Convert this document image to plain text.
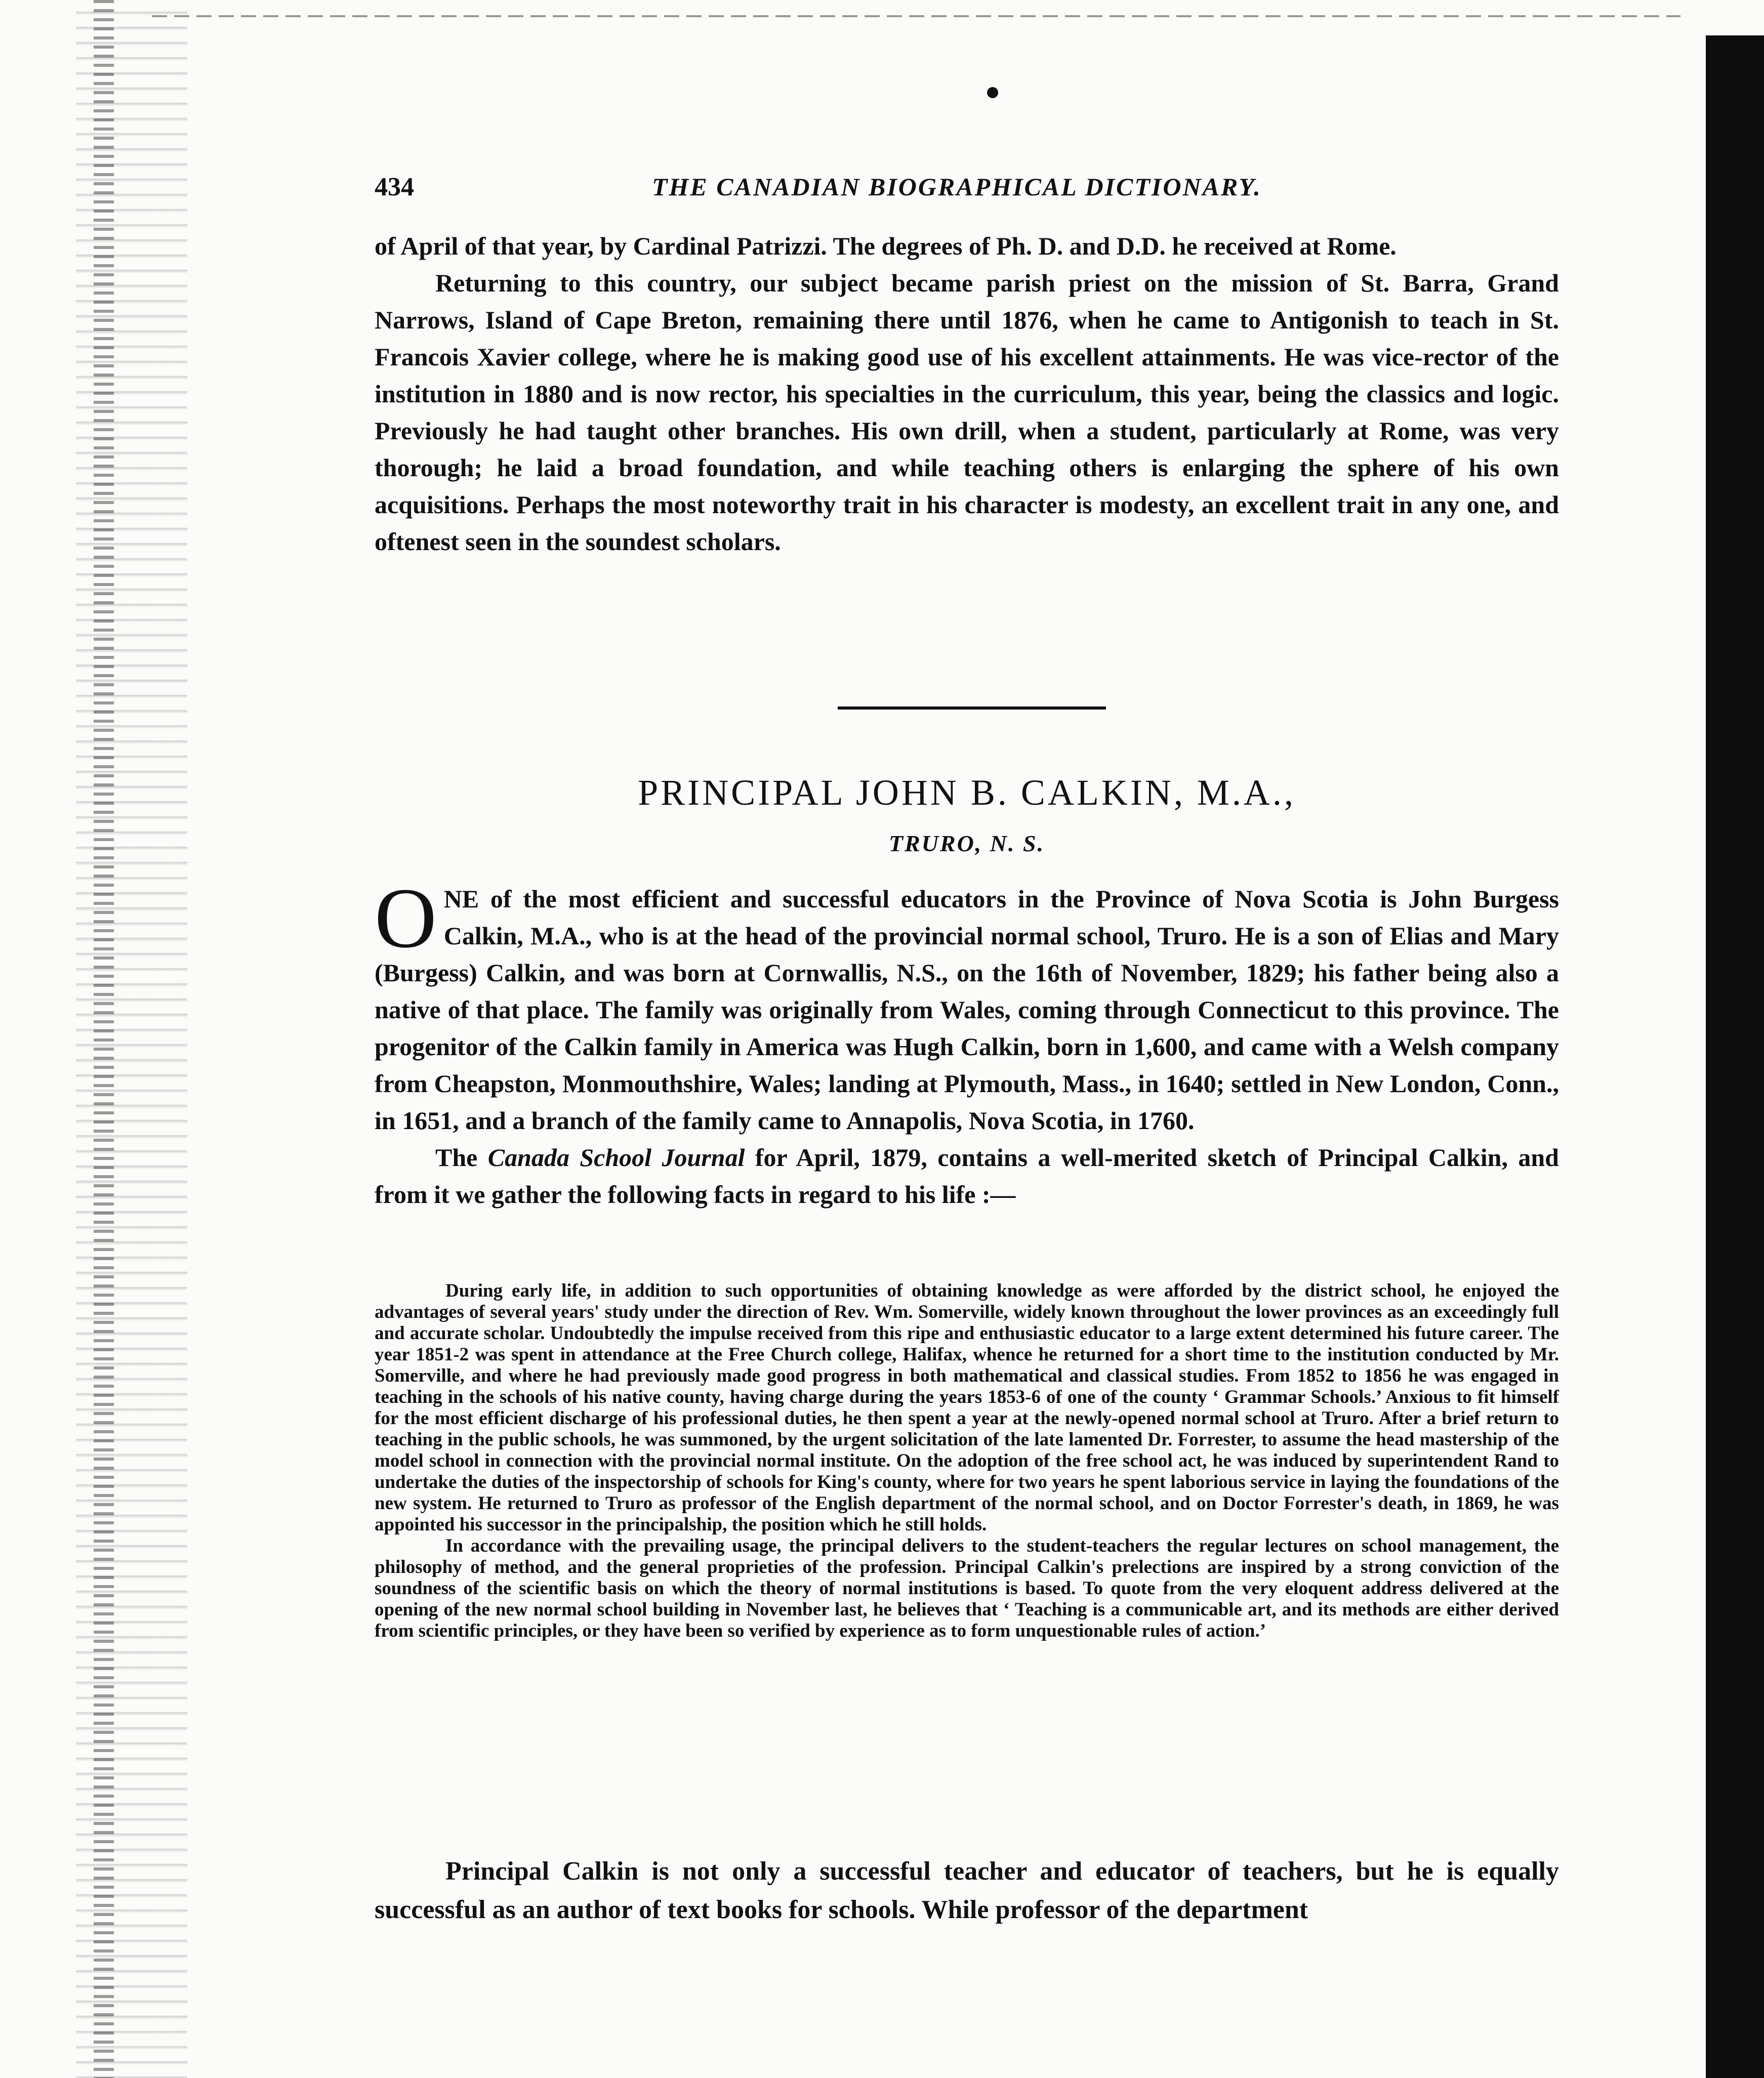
434	THE CANADIAN BIOGRAPHICAL DICTIONARY.

of April of that year, by Cardinal Patrizzi. The degrees of Ph. D. and D.D. he received at Rome.

Returning to this country, our subject became parish priest on the mission of St. Barra, Grand Narrows, Island of Cape Breton, remaining there until 1876, when he came to Antigonish to teach in St. Francois Xavier college, where he is making good use of his excellent attainments. He was vice-rector of the institution in 1880 and is now rector, his specialties in the curriculum, this year, being the classics and logic. Previously he had taught other branches. His own drill, when a student, particularly at Rome, was very thorough; he laid a broad foundation, and while teaching others is enlarging the sphere of his own acquisitions. Perhaps the most noteworthy trait in his character is modesty, an excellent trait in any one, and oftenest seen in the soundest scholars.

PRINCIPAL JOHN B. CALKIN, M.A.,
TRURO, N. S.
O NE of the most efficient and successful educators in the Province of Nova Scotia is John Burgess Calkin, M.A., who is at the head of the provincial normal school, Truro. He is a son of Elias and Mary (Burgess) Calkin, and was born at Cornwallis, N.S., on the 16th of November, 1829; his father being also a native of that place. The family was originally from Wales, coming through Connecticut to this province. The progenitor of the Calkin family in America was Hugh Calkin, born in 1,600, and came with a Welsh company from Cheapston, Monmouthshire, Wales; landing at Plymouth, Mass., in 1640; settled in New London, Conn., in 1651, and a branch of the family came to Annapolis, Nova Scotia, in 1760.

The Canada School Journal for April, 1879, contains a well-merited sketch of Principal Calkin, and from it we gather the following facts in regard to his life :—

During early life, in addition to such opportunities of obtaining knowledge as were afforded by the district school, he enjoyed the advantages of several years' study under the direction of Rev. Wm. Somerville, widely known throughout the lower provinces as an exceedingly full and accurate scholar. Undoubtedly the impulse received from this ripe and enthusiastic educator to a large extent determined his future career. The year 1851-2 was spent in attendance at the Free Church college, Halifax, whence he returned for a short time to the institution conducted by Mr. Somerville, and where he had previously made good progress in both mathematical and classical studies. From 1852 to 1856 he was engaged in teaching in the schools of his native county, having charge during the years 1853-6 of one of the county ‘ Grammar Schools.’ Anxious to fit himself for the most efficient discharge of his professional duties, he then spent a year at the newly-opened normal school at Truro. After a brief return to teaching in the public schools, he was summoned, by the urgent solicitation of the late lamented Dr. Forrester, to assume the head mastership of the model school in connection with the provincial normal institute. On the adoption of the free school act, he was induced by superintendent Rand to undertake the duties of the inspectorship of schools for King's county, where for two years he spent laborious service in laying the foundations of the new system. He returned to Truro as professor of the English department of the normal school, and on Doctor Forrester's death, in 1869, he was appointed his successor in the principalship, the position which he still holds.

In accordance with the prevailing usage, the principal delivers to the student-teachers the regular lectures on school management, the philosophy of method, and the general proprieties of the profession. Principal Calkin's prelections are inspired by a strong conviction of the soundness of the scientific basis on which the theory of normal institutions is based. To quote from the very eloquent address delivered at the opening of the new normal school building in November last, he believes that ‘ Teaching is a communicable art, and its methods are either derived from scientific principles, or they have been so verified by experience as to form unquestionable rules of action.’

Principal Calkin is not only a successful teacher and educator of teachers, but he is equally successful as an author of text books for schools. While professor of the department
